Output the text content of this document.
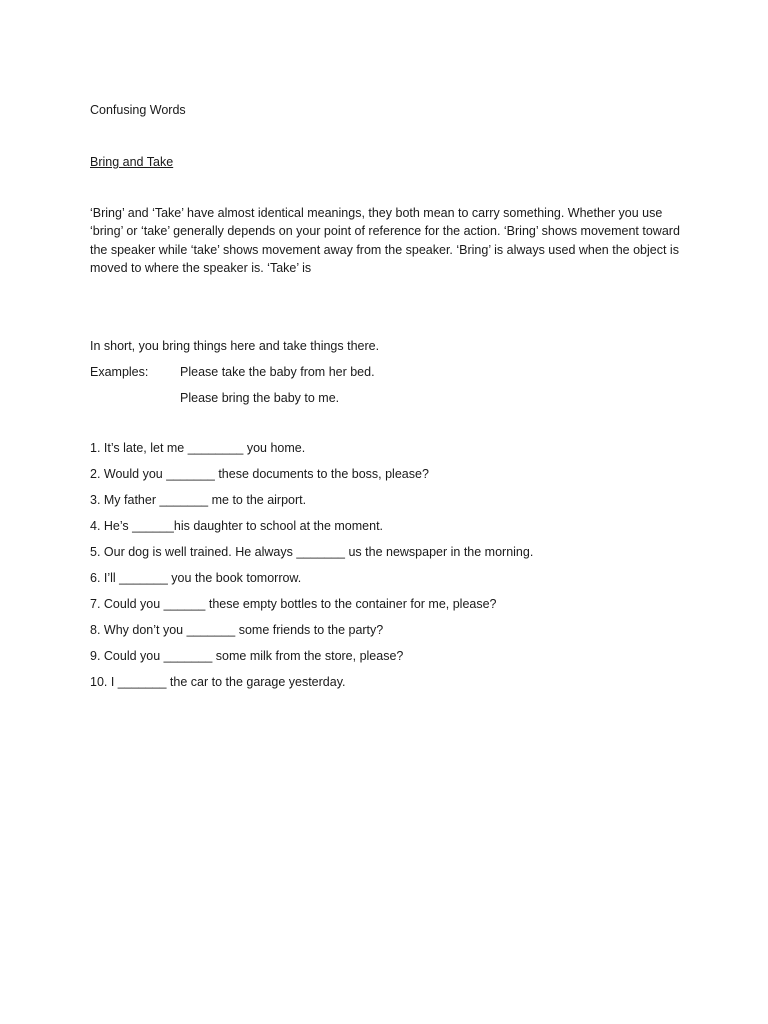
Confusing Words
Bring and Take
‘Bring’ and ‘Take’ have almost identical meanings, they both mean to carry something. Whether you use ‘bring’ or ‘take’ generally depends on your point of reference for the action. ‘Bring’ shows movement toward the speaker while ‘take’ shows movement away from the speaker. ‘Bring’ is always used when the object is moved to where the speaker is. ‘Take’ is
In short, you bring things here and take things there.
Examples:	Please take the baby from her bed.
Please bring the baby to me.
1. It’s late, let me ________ you home.
2. Would you _______ these documents to the boss, please?
3. My father _______ me to the airport.
4. He’s ______his daughter to school at the moment.
5. Our dog is well trained. He always _______ us the newspaper in the morning.
6. I’ll _______ you the book tomorrow.
7. Could you ______ these empty bottles to the container for me, please?
8. Why don’t you _______ some friends to the party?
9. Could you _______ some milk from the store, please?
10. I _______ the car to the garage yesterday.
